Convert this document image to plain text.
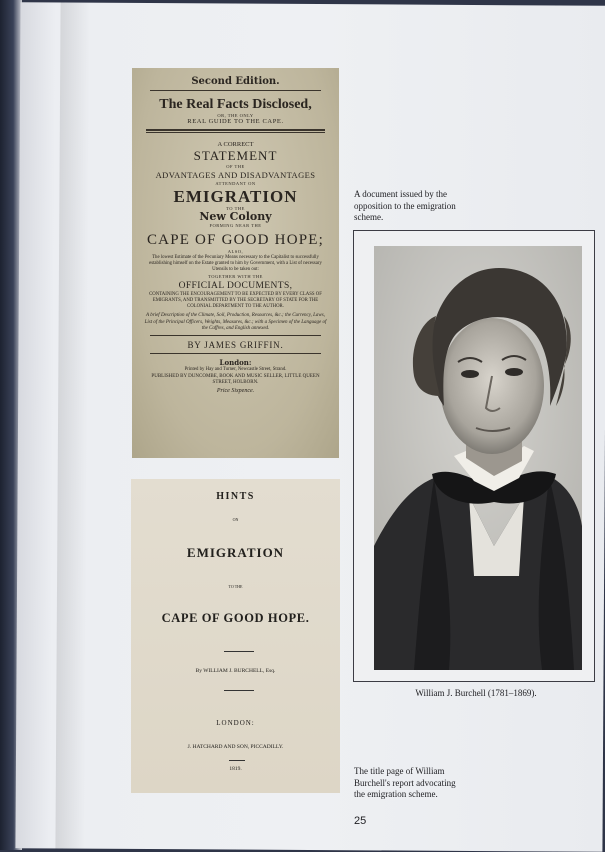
Second Edition.
The Real Facts Disclosed,
OR, THE ONLY
REAL GUIDE TO THE CAPE.
A CORRECT
STATEMENT
OF THE
ADVANTAGES AND DISADVANTAGES
ATTENDANT ON
EMIGRATION
TO THE
New Colony
FORMING NEAR THE
CAPE OF GOOD HOPE;
ALSO,
The lowest Estimate of the Pecuniary Means necessary to the Capitalist to successfully establishing himself on the Estate granted to him by Government, with a List of necessary Utensils to be taken out:
TOGETHER WITH THE
OFFICIAL DOCUMENTS,
CONTAINING THE ENCOURAGEMENT TO BE EXPECTED BY EVERY CLASS OF EMIGRANTS, AND TRANSMITTED BY THE SECRETARY OF STATE FOR THE COLONIAL DEPARTMENT TO THE AUTHOR.
A brief Description of the Climate, Soil, Production, Resources, &c.; the Currency, Laws, List of the Principal Officers, Weights, Measures, &c.; with a Specimen of the Language of the Caffres, and English annexed.
BY JAMES GRIFFIN.
London:
Printed by Hay and Turner, Newcastle Street, Strand.
PUBLISHED BY DUNCOMBE, BOOK AND MUSIC SELLER, LITTLE QUEEN STREET, HOLBORN.
Price Sixpence.
A document issued by the opposition to the emigration scheme.
William J. Burchell (1781–1869).
HINTS
ON
EMIGRATION
TO THE
CAPE OF GOOD HOPE.
By WILLIAM J. BURCHELL, Esq.
LONDON:
J. HATCHARD AND SON, PICCADILLY.
1819.	The title page of William Burchell's report advocating the emigration scheme.
25
